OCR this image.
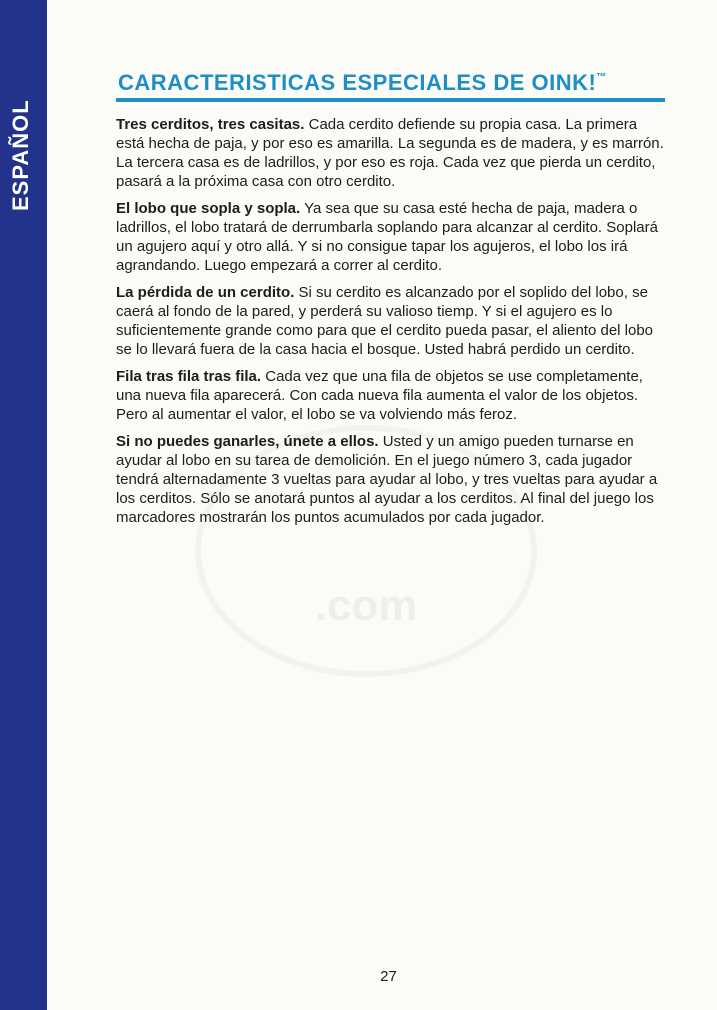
ESPAÑOL
.com
CARACTERISTICAS ESPECIALES DE OINK!™

Tres cerditos, tres casitas. Cada cerdito defiende su propia casa. La primera está hecha de paja, y por eso es amarilla. La segunda es de madera, y es marrón. La tercera casa es de ladrillos, y por eso es roja. Cada vez que pierda un cerdito, pasará a la próxima casa con otro cerdito.

El lobo que sopla y sopla. Ya sea que su casa esté hecha de paja, madera o ladrillos, el lobo tratará de derrumbarla soplando para alcanzar al cerdito. Soplará un agujero aquí y otro allá. Y si no consigue tapar los agujeros, el lobo los irá agrandando. Luego empezará a correr al cerdito.

La pérdida de un cerdito. Si su cerdito es alcanzado por el soplido del lobo, se caerá al fondo de la pared, y perderá su valioso tiemp. Y si el agujero es lo suficientemente grande como para que el cerdito pueda pasar, el aliento del lobo se lo llevará fuera de la casa hacia el bosque. Usted habrá perdido un cerdito.

Fila tras fila tras fila. Cada vez que una fila de objetos se use completamente, una nueva fila aparecerá. Con cada nueva fila aumenta el valor de los objetos. Pero al aumentar el valor, el lobo se va volviendo más feroz.

Si no puedes ganarles, únete a ellos. Usted y un amigo pueden turnarse en ayudar al lobo en su tarea de demolición. En el juego número 3, cada jugador tendrá alternadamente 3 vueltas para ayudar al lobo, y tres vueltas para ayudar a los cerditos. Sólo se anotará puntos al ayudar a los cerditos. Al final del juego los marcadores mostrarán los puntos acumulados por cada jugador.

27
